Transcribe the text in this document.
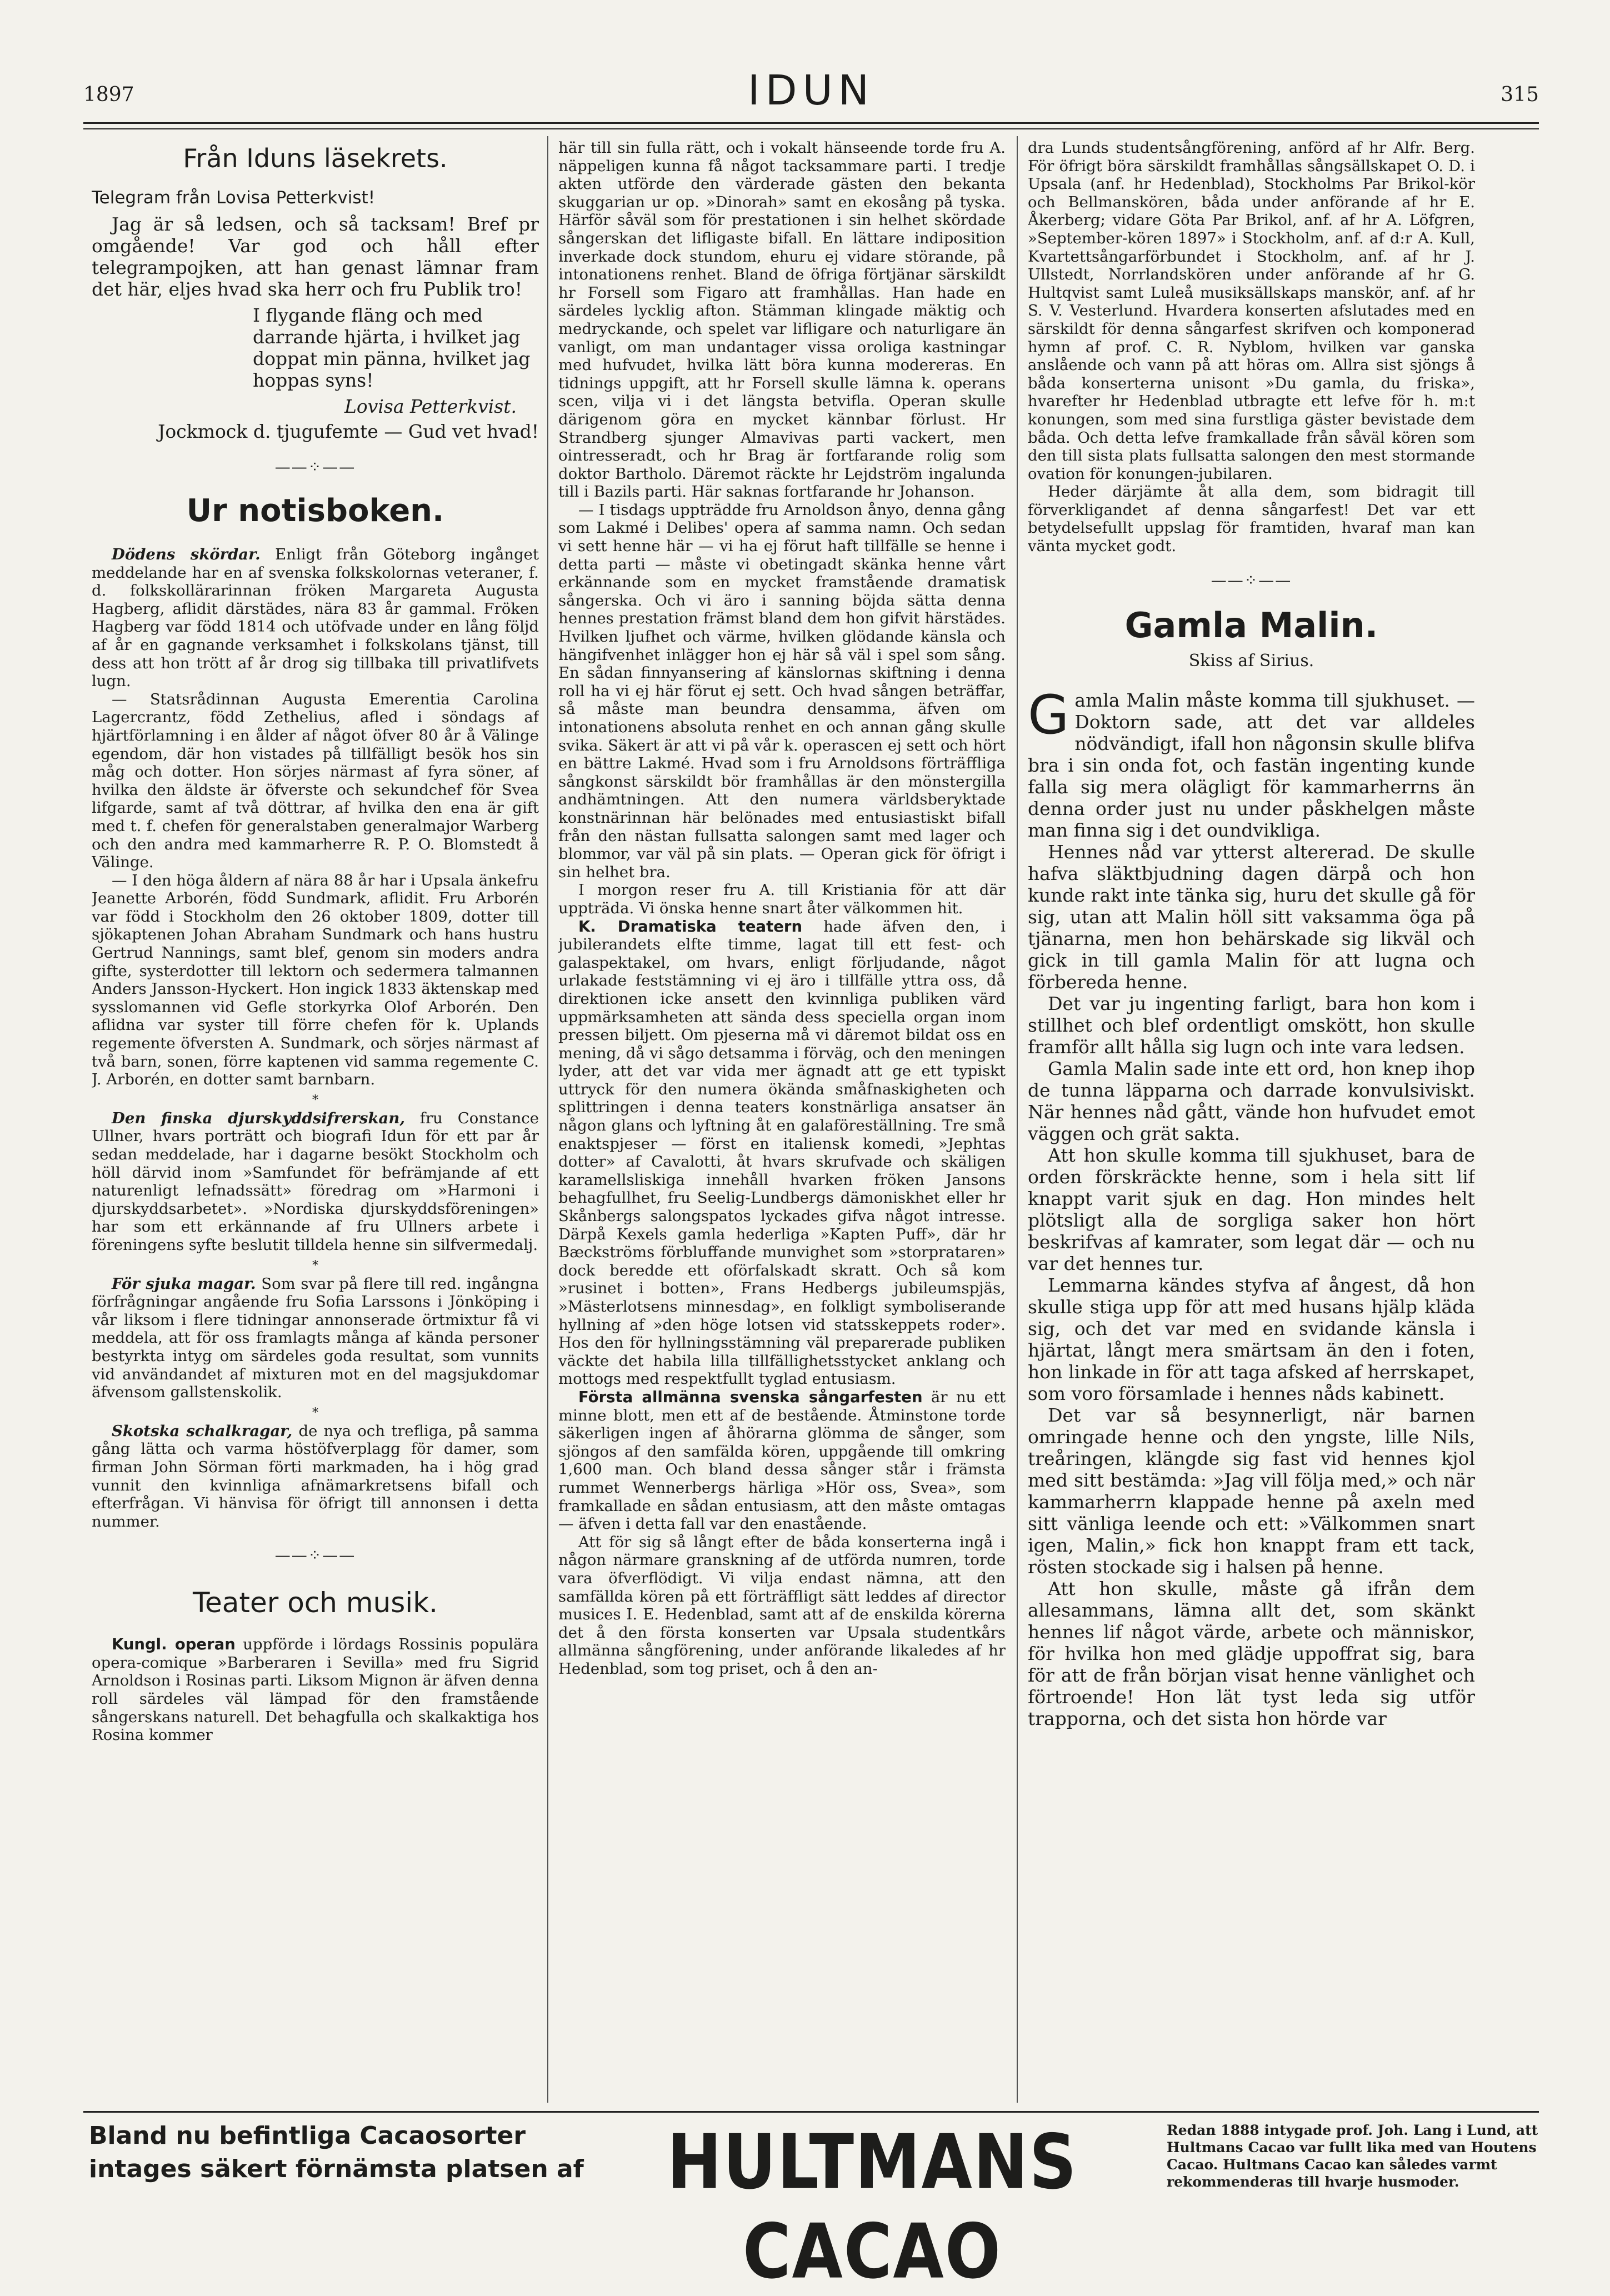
1897	IDUN	315
Från Iduns läsekrets.
Telegram från Lovisa Petterkvist!

Jag är så ledsen, och så tacksam! Bref pr omgående! Var god och håll efter telegrampojken, att han genast lämnar fram det här, eljes hvad ska herr och fru Publik tro!

I flygande fläng och med darrande hjärta, i hvilket jag doppat min pänna, hvilket jag hoppas syns!

Lovisa Petterkvist.

Jockmock d. tjugufemte — Gud vet hvad!

——⁘——
Ur notisboken.

Dödens skördar. Enligt från Göteborg ingånget meddelande har en af svenska folkskolornas veteraner, f. d. folkskollärarinnan fröken Margareta Augusta Hagberg, aflidit därstädes, nära 83 år gammal. Fröken Hagberg var född 1814 och utöfvade under en lång följd af år en gagnande verksamhet i folkskolans tjänst, till dess att hon trött af år drog sig tillbaka till privatlifvets lugn.

— Statsrådinnan Augusta Emerentia Carolina Lagercrantz, född Zethelius, afled i söndags af hjärtförlamning i en ålder af något öfver 80 år å Välinge egendom, där hon vistades på tillfälligt besök hos sin måg och dotter. Hon sörjes närmast af fyra söner, af hvilka den äldste är öfverste och sekundchef för Svea lifgarde, samt af två döttrar, af hvilka den ena är gift med t. f. chefen för generalstaben generalmajor Warberg och den andra med kammarherre R. P. O. Blomstedt å Välinge.

— I den höga åldern af nära 88 år har i Upsala änkefru Jeanette Arborén, född Sundmark, aflidit. Fru Arborén var född i Stockholm den 26 oktober 1809, dotter till sjökaptenen Johan Abraham Sundmark och hans hustru Gertrud Nannings, samt blef, genom sin moders andra gifte, systerdotter till lektorn och sedermera talmannen Anders Jansson-Hyckert. Hon ingick 1833 äktenskap med sysslomannen vid Gefle storkyrka Olof Arborén. Den aflidna var syster till förre chefen för k. Uplands regemente öfversten A. Sundmark, och sörjes närmast af två barn, sonen, förre kaptenen vid samma regemente C. J. Arborén, en dotter samt barnbarn.

*

Den finska djurskyddsifrerskan, fru Constance Ullner, hvars porträtt och biografi Idun för ett par år sedan meddelade, har i dagarne besökt Stockholm och höll därvid inom »Samfundet för befrämjande af ett naturenligt lefnadssätt» föredrag om »Harmoni i djurskyddsarbetet». »Nordiska djurskyddsföreningen» har som ett erkännande af fru Ullners arbete i föreningens syfte beslutit tilldela henne sin silfvermedalj.

*

För sjuka magar. Som svar på flere till red. ingångna förfrågningar angående fru Sofia Larssons i Jönköping i vår liksom i flere tidningar annonserade örtmixtur få vi meddela, att för oss framlagts många af kända personer bestyrkta intyg om särdeles goda resultat, som vunnits vid användandet af mixturen mot en del magsjukdomar äfvensom gallstenskolik.

*

Skotska schalkragar, de nya och trefliga, på samma gång lätta och varma höstöfverplagg för damer, som firman John Sörman förti markmaden, ha i hög grad vunnit den kvinnliga afnämarkretsens bifall och efterfrågan. Vi hänvisa för öfrigt till annonsen i detta nummer.

——⁘——
Teater och musik.

Kungl. operan uppförde i lördags Rossinis populära opera-comique »Barberaren i Sevilla» med fru Sigrid Arnoldson i Rosinas parti. Liksom Mignon är äfven denna roll särdeles väl lämpad för den framstående sångerskans naturell. Det behagfulla och skalkaktiga hos Rosina kommer

här till sin fulla rätt, och i vokalt hänseende torde fru A. näppeligen kunna få något tacksammare parti. I tredje akten utförde den värderade gästen den bekanta skuggarian ur op. »Dinorah» samt en ekosång på tyska. Härför såväl som för prestationen i sin helhet skördade sångerskan det lifligaste bifall. En lättare indiposition inverkade dock stundom, ehuru ej vidare störande, på intonationens renhet. Bland de öfriga förtjänar särskildt hr Forsell som Figaro att framhållas. Han hade en särdeles lycklig afton. Stämman klingade mäktig och medryckande, och spelet var lifligare och naturligare än vanligt, om man undantager vissa oroliga kastningar med hufvudet, hvilka lätt böra kunna modereras. En tidnings uppgift, att hr Forsell skulle lämna k. operans scen, vilja vi i det längsta betvifla. Operan skulle därigenom göra en mycket kännbar förlust. Hr Strandberg sjunger Almavivas parti vackert, men ointresseradt, och hr Brag är fortfarande rolig som doktor Bartholo. Däremot räckte hr Lejdström ingalunda till i Bazils parti. Här saknas fortfarande hr Johanson.

— I tisdags uppträdde fru Arnoldson ånyo, denna gång som Lakmé i Delibes' opera af samma namn. Och sedan vi sett henne här — vi ha ej förut haft tillfälle se henne i detta parti — måste vi obetingadt skänka henne vårt erkännande som en mycket framstående dramatisk sångerska. Och vi äro i sanning böjda sätta denna hennes prestation främst bland dem hon gifvit härstädes. Hvilken ljufhet och värme, hvilken glödande känsla och hängifvenhet inlägger hon ej här så väl i spel som sång. En sådan finnyansering af känslornas skiftning i denna roll ha vi ej här förut ej sett. Och hvad sången beträffar, så måste man beundra densamma, äfven om intonationens absoluta renhet en och annan gång skulle svika. Säkert är att vi på vår k. operascen ej sett och hört en bättre Lakmé. Hvad som i fru Arnoldsons förträffliga sångkonst särskildt bör framhållas är den mönstergilla andhämtningen. Att den numera världsberyktade konstnärinnan här belönades med entusiastiskt bifall från den nästan fullsatta salongen samt med lager och blommor, var väl på sin plats. — Operan gick för öfrigt i sin helhet bra.

I morgon reser fru A. till Kristiania för att där uppträda. Vi önska henne snart åter välkommen hit.

K. Dramatiska teatern hade äfven den, i jubilerandets elfte timme, lagat till ett fest- och galaspektakel, om hvars, enligt förljudande, något urlakade feststämning vi ej äro i tillfälle yttra oss, då direktionen icke ansett den kvinnliga publiken värd uppmärksamheten att sända dess speciella organ inom pressen biljett. Om pjeserna må vi däremot bildat oss en mening, då vi sågo detsamma i förväg, och den meningen lyder, att det var vida mer ägnadt att ge ett typiskt uttryck för den numera ökända småfnaskigheten och splittringen i denna teaters konstnärliga ansatser än någon glans och lyftning åt en galaföreställning. Tre små enaktspjeser — först en italiensk komedi, »Jephtas dotter» af Cavalotti, åt hvars skrufvade och skäligen karamellsliskiga innehåll hvarken fröken Jansons behagfullhet, fru Seelig-Lundbergs dämoniskhet eller hr Skånbergs salongspatos lyckades gifva något intresse. Därpå Kexels gamla hederliga »Kapten Puff», där hr Bæckströms förbluffande munvighet som »storprataren» dock beredde ett oförfalskadt skratt. Och så kom »rusinet i botten», Frans Hedbergs jubileumspjäs, »Mästerlotsens minnesdag», en folkligt symboliserande hyllning af »den höge lotsen vid statsskeppets roder». Hos den för hyllningsstämning väl preparerade publiken väckte det habila lilla tillfällighetsstycket anklang och mottogs med respektfullt tyglad entusiasm.

Första allmänna svenska sångarfesten är nu ett minne blott, men ett af de bestående. Åtminstone torde säkerligen ingen af åhörarna glömma de sånger, som sjöngos af den samfälda kören, uppgående till omkring 1,600 man. Och bland dessa sånger står i främsta rummet Wennerbergs härliga »Hör oss, Svea», som framkallade en sådan entusiasm, att den måste omtagas — äfven i detta fall var den enastående.

Att för sig så långt efter de båda konserterna ingå i någon närmare granskning af de utförda numren, torde vara öfverflödigt. Vi vilja endast nämna, att den samfällda kören på ett förträffligt sätt leddes af director musices I. E. Hedenblad, samt att af de enskilda körerna det å den första konserten var Upsala studentkårs allmänna sångförening, under anförande likaledes af hr Hedenblad, som tog priset, och å den an-

dra Lunds studentsångförening, anförd af hr Alfr. Berg. För öfrigt böra särskildt framhållas sångsällskapet O. D. i Upsala (anf. hr Hedenblad), Stockholms Par Brikol-kör och Bellmanskören, båda under anförande af hr E. Åkerberg; vidare Göta Par Brikol, anf. af hr A. Löfgren, »September-kören 1897» i Stockholm, anf. af d:r A. Kull, Kvartettsångarförbundet i Stockholm, anf. af hr J. Ullstedt, Norrlandskören under anförande af hr G. Hultqvist samt Luleå musiksällskaps manskör, anf. af hr S. V. Vesterlund. Hvardera konserten afslutades med en särskildt för denna sångarfest skrifven och komponerad hymn af prof. C. R. Nyblom, hvilken var ganska anslående och vann på att höras om. Allra sist sjöngs å båda konserterna unisont »Du gamla, du friska», hvarefter hr Hedenblad utbragte ett lefve för h. m:t konungen, som med sina furstliga gäster bevistade dem båda. Och detta lefve framkallade från såväl kören som den till sista plats fullsatta salongen den mest stormande ovation för konungen-jubilaren.

Heder därjämte åt alla dem, som bidragit till förverkligandet af denna sångarfest! Det var ett betydelsefullt uppslag för framtiden, hvaraf man kan vänta mycket godt.

——⁘——
Gamla Malin.
Skiss af Sirius.

Gamla Malin måste komma till sjukhuset. — Doktorn sade, att det var alldeles nödvändigt, ifall hon någonsin skulle blifva bra i sin onda fot, och fastän ingenting kunde falla sig mera olägligt för kammarherrns än denna order just nu under påskhelgen måste man finna sig i det oundvikliga.

Hennes nåd var ytterst altererad. De skulle hafva släktbjudning dagen därpå och hon kunde rakt inte tänka sig, huru det skulle gå för sig, utan att Malin höll sitt vaksamma öga på tjänarna, men hon behärskade sig likväl och gick in till gamla Malin för att lugna och förbereda henne.

Det var ju ingenting farligt, bara hon kom i stillhet och blef ordentligt omskött, hon skulle framför allt hålla sig lugn och inte vara ledsen.

Gamla Malin sade inte ett ord, hon knep ihop de tunna läpparna och darrade konvulsiviskt. När hennes nåd gått, vände hon hufvudet emot väggen och grät sakta.

Att hon skulle komma till sjukhuset, bara de orden förskräckte henne, som i hela sitt lif knappt varit sjuk en dag. Hon mindes helt plötsligt alla de sorgliga saker hon hört beskrifvas af kamrater, som legat där — och nu var det hennes tur.

Lemmarna kändes styfva af ångest, då hon skulle stiga upp för att med husans hjälp kläda sig, och det var med en svidande känsla i hjärtat, långt mera smärtsam än den i foten, hon linkade in för att taga afsked af herrskapet, som voro församlade i hennes nåds kabinett.

Det var så besynnerligt, när barnen omringade henne och den yngste, lille Nils, treåringen, klängde sig fast vid hennes kjol med sitt bestämda: »Jag vill följa med,» och när kammarherrn klappade henne på axeln med sitt vänliga leende och ett: »Välkommen snart igen, Malin,» fick hon knappt fram ett tack, rösten stockade sig i halsen på henne.

Att hon skulle, måste gå ifrån dem allesammans, lämna allt det, som skänkt hennes lif något värde, arbete och människor, för hvilka hon med glädje uppoffrat sig, bara för att de från början visat henne vänlighet och förtroende! Hon lät tyst leda sig utför trapporna, och det sista hon hörde var

Bland nu befintliga Cacaosorter
intages säkert förnämsta platsen af	HULTMANS CACAO
Redan 1888 intygade prof. Joh. Lang i Lund, att Hultmans Cacao var fullt lika med van Houtens Cacao. Hultmans Cacao kan således varmt rekommenderas till hvarje husmoder.
